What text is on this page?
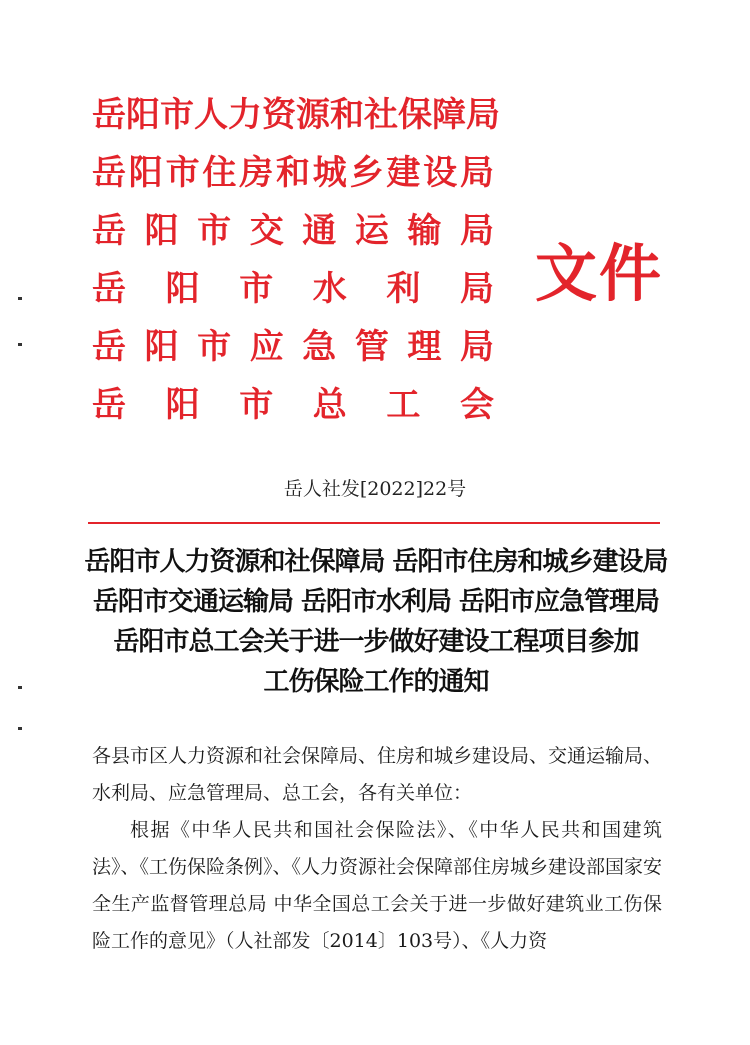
岳 阳 市 人 力 资 源 和 社 保 障 局
岳 阳 市 住 房 和 城 乡 建 设 局
岳 阳 市 交 通 运 输 局
岳 阳 市 水 利 局
岳 阳 市 应 急 管 理 局
岳 阳 市 总 工 会
文件
岳人社发[2022]22号
岳阳市人力资源和社保障局 岳阳市住房和城乡建设局
岳阳市交通运输局 岳阳市水利局 岳阳市应急管理局
岳阳市总工会关于进一步做好建设工程项目参加
工伤保险工作的通知

各县市区人力资源和社会保障局、住房和城乡建设局、交通运输局、水利局、应急管理局、总工会，各有关单位：

根据《中华人民共和国社会保险法》、《中华人民共和国建筑法》、《工伤保险条例》、《人力资源社会保障部住房城乡建设部国家安全生产监督管理总局 中华全国总工会关于进一步做好建筑业工伤保险工作的意见》（人社部发〔2014〕103号）、《人力资
